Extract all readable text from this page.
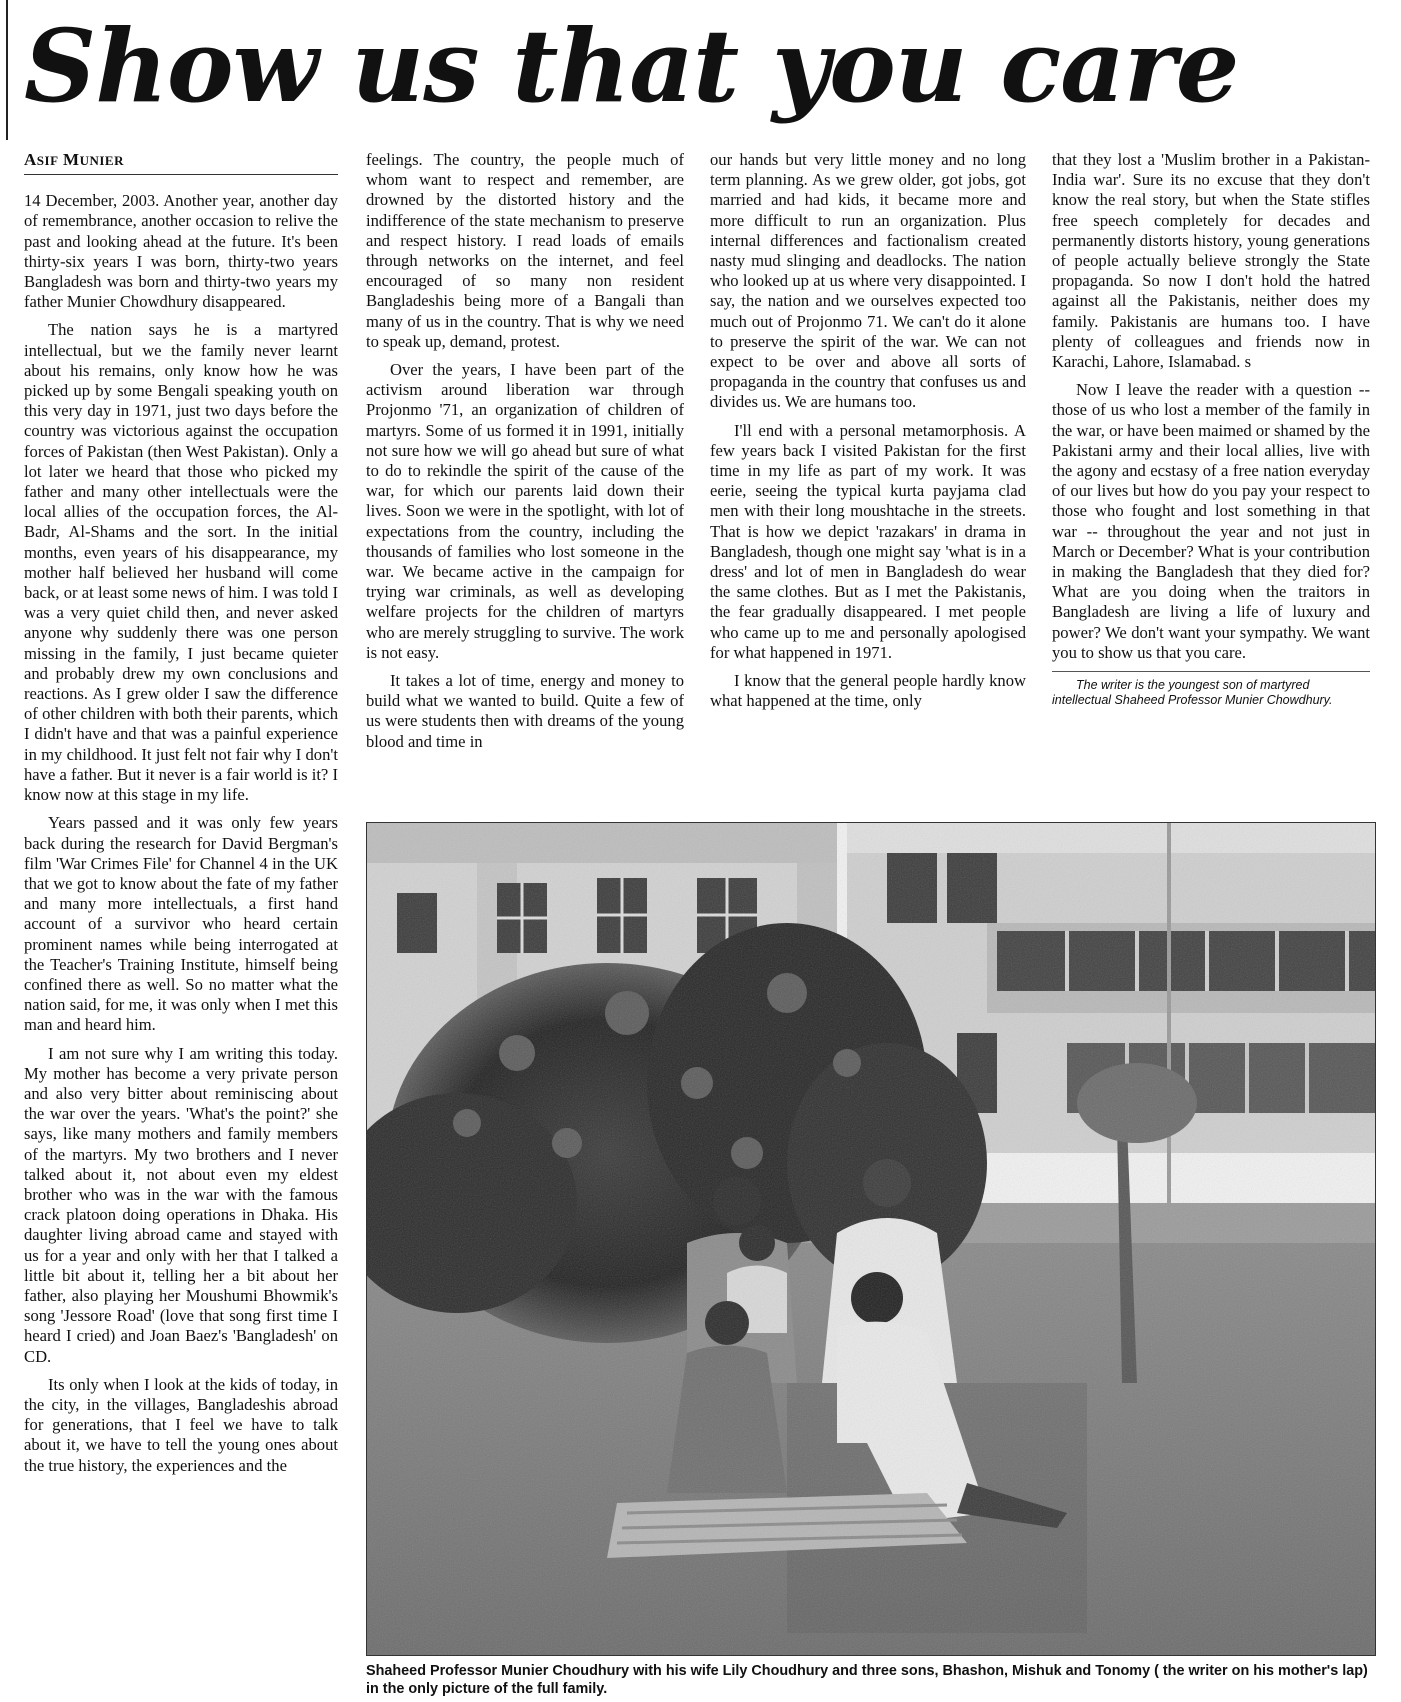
Show us that you care
ASIF MUNIER

14 December, 2003. Another year, another day of remembrance, another occasion to relive the past and looking ahead at the future. It's been thirty-six years I was born, thirty-two years Bangladesh was born and thirty-two years my father Munier Chowdhury disappeared.

The nation says he is a martyred intellectual, but we the family never learnt about his remains, only know how he was picked up by some Bengali speaking youth on this very day in 1971, just two days before the country was victorious against the occupation forces of Pakistan (then West Pakistan). Only a lot later we heard that those who picked my father and many other intellectuals were the local allies of the occupation forces, the Al-Badr, Al-Shams and the sort. In the initial months, even years of his disappearance, my mother half believed her husband will come back, or at least some news of him. I was told I was a very quiet child then, and never asked anyone why suddenly there was one person missing in the family, I just became quieter and probably drew my own conclusions and reactions. As I grew older I saw the difference of other children with both their parents, which I didn't have and that was a painful experience in my childhood. It just felt not fair why I don't have a father. But it never is a fair world is it? I know now at this stage in my life.

Years passed and it was only few years back during the research for David Bergman's film 'War Crimes File' for Channel 4 in the UK that we got to know about the fate of my father and many more intellectuals, a first hand account of a survivor who heard certain prominent names while being interrogated at the Teacher's Training Institute, himself being confined there as well. So no matter what the nation said, for me, it was only when I met this man and heard him.

I am not sure why I am writing this today. My mother has become a very private person and also very bitter about reminiscing about the war over the years. 'What's the point?' she says, like many mothers and family members of the martyrs. My two brothers and I never talked about it, not about even my eldest brother who was in the war with the famous crack platoon doing operations in Dhaka. His daughter living abroad came and stayed with us for a year and only with her that I talked a little bit about it, telling her a bit about her father, also playing her Moushumi Bhowmik's song 'Jessore Road' (love that song first time I heard I cried) and Joan Baez's 'Bangladesh' on CD.

Its only when I look at the kids of today, in the city, in the villages, Bangladeshis abroad for generations, that I feel we have to talk about it, we have to tell the young ones about the true history, the experiences and the

feelings. The country, the people much of whom want to respect and remember, are drowned by the distorted history and the indifference of the state mechanism to preserve and respect history. I read loads of emails through networks on the internet, and feel encouraged of so many non resident Bangladeshis being more of a Bangali than many of us in the country. That is why we need to speak up, demand, protest.

Over the years, I have been part of the activism around liberation war through Projonmo '71, an organization of children of martyrs. Some of us formed it in 1991, initially not sure how we will go ahead but sure of what to do to rekindle the spirit of the cause of the war, for which our parents laid down their lives. Soon we were in the spotlight, with lot of expectations from the country, including the thousands of families who lost someone in the war. We became active in the campaign for trying war criminals, as well as developing welfare projects for the children of martyrs who are merely struggling to survive. The work is not easy.

It takes a lot of time, energy and money to build what we wanted to build. Quite a few of us were students then with dreams of the young blood and time in

our hands but very little money and no long term planning. As we grew older, got jobs, got married and had kids, it became more and more difficult to run an organization. Plus internal differences and factionalism created nasty mud slinging and deadlocks. The nation who looked up at us where very disappointed. I say, the nation and we ourselves expected too much out of Projonmo 71. We can't do it alone to preserve the spirit of the war. We can not expect to be over and above all sorts of propaganda in the country that confuses us and divides us. We are humans too.

I'll end with a personal metamorphosis. A few years back I visited Pakistan for the first time in my life as part of my work. It was eerie, seeing the typical kurta payjama clad men with their long moushtache in the streets. That is how we depict 'razakars' in drama in Bangladesh, though one might say 'what is in a dress' and lot of men in Bangladesh do wear the same clothes. But as I met the Pakistanis, the fear gradually disappeared. I met people who came up to me and personally apologised for what happened in 1971.

I know that the general people hardly know what happened at the time, only

that they lost a 'Muslim brother in a Pakistan-India war'. Sure its no excuse that they don't know the real story, but when the State stifles free speech completely for decades and permanently distorts history, young generations of people actually believe strongly the State propaganda. So now I don't hold the hatred against all the Pakistanis, neither does my family. Pakistanis are humans too. I have plenty of colleagues and friends now in Karachi, Lahore, Islamabad. s

Now I leave the reader with a question -- those of us who lost a member of the family in the war, or have been maimed or shamed by the Pakistani army and their local allies, live with the agony and ecstasy of a free nation everyday of our lives but how do you pay your respect to those who fought and lost something in that war -- throughout the year and not just in March or December? What is your contribution in making the Bangladesh that they died for? What are you doing when the traitors in Bangladesh are living a life of luxury and power? We don't want your sympathy. We want you to show us that you care.

The writer is the youngest son of martyred intellectual Shaheed Professor Munier Chowdhury.

Shaheed Professor Munier Choudhury with his wife Lily Choudhury and three sons, Bhashon, Mishuk and Tonomy ( the writer on his mother's lap) in the only picture of the full family.
